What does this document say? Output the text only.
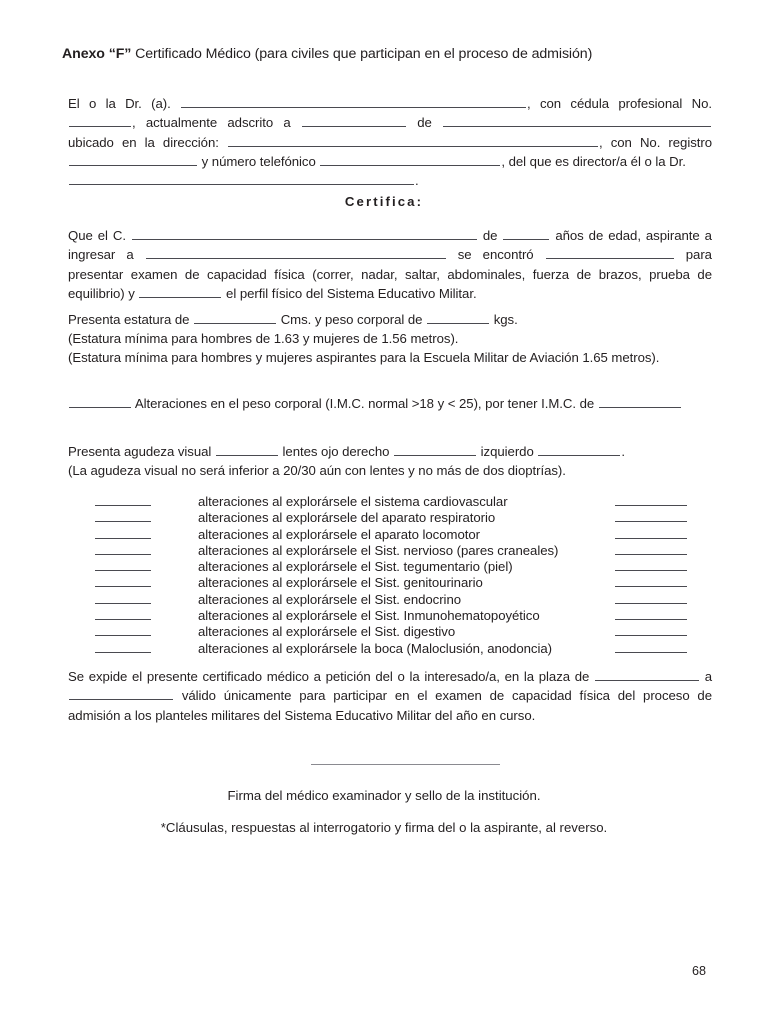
Anexo “F” Certificado Médico (para civiles que participan en el proceso de admisión)
El o la Dr. (a).	, con cédula profesional No. , actualmente adscrito a	de  ubicado en la dirección:	, con No. registro  y número telefónico	, del que es director/a él o la Dr.
.
Certifica:
Que el C.	de	años de edad, aspirante a ingresar a	se encontró	para presentar examen de capacidad física (correr, nadar, saltar, abdominales, fuerza de brazos, prueba de equilibrio) y	el perfil físico del Sistema Educativo Militar.
Presenta estatura de	Cms. y peso corporal de	kgs.
(Estatura mínima para hombres de 1.63 y mujeres de 1.56 metros).
(Estatura mínima para hombres y mujeres aspirantes para la Escuela Militar de Aviación 1.65 metros).
Alteraciones en el peso corporal (I.M.C. normal >18 y < 25), por tener I.M.C. de
Presenta agudeza visual	lentes ojo derecho	izquierdo	.
(La agudeza visual no será inferior a 20/30 aún con lentes y no más de dos dioptrías).
alteraciones al explorársele el sistema cardiovascular
alteraciones al explorársele del aparato respiratorio
alteraciones al explorársele el aparato locomotor
alteraciones al explorársele el Sist. nervioso (pares craneales)
alteraciones al explorársele el Sist. tegumentario (piel)
alteraciones al explorársele el Sist. genitourinario
alteraciones al explorársele el Sist. endocrino
alteraciones al explorársele el Sist. Inmunohematopoyético
alteraciones al explorársele el Sist. digestivo
alteraciones al explorársele la boca (Maloclusión, anodoncia)
Se expide el presente certificado médico a petición del o la interesado/a, en la plaza de	a  válido únicamente para participar en el examen de capacidad física del proceso de admisión a los planteles militares del Sistema Educativo Militar del año en curso.
Firma del médico examinador y sello de la institución.
*Cláusulas, respuestas al interrogatorio y firma del o la aspirante, al reverso.
68
